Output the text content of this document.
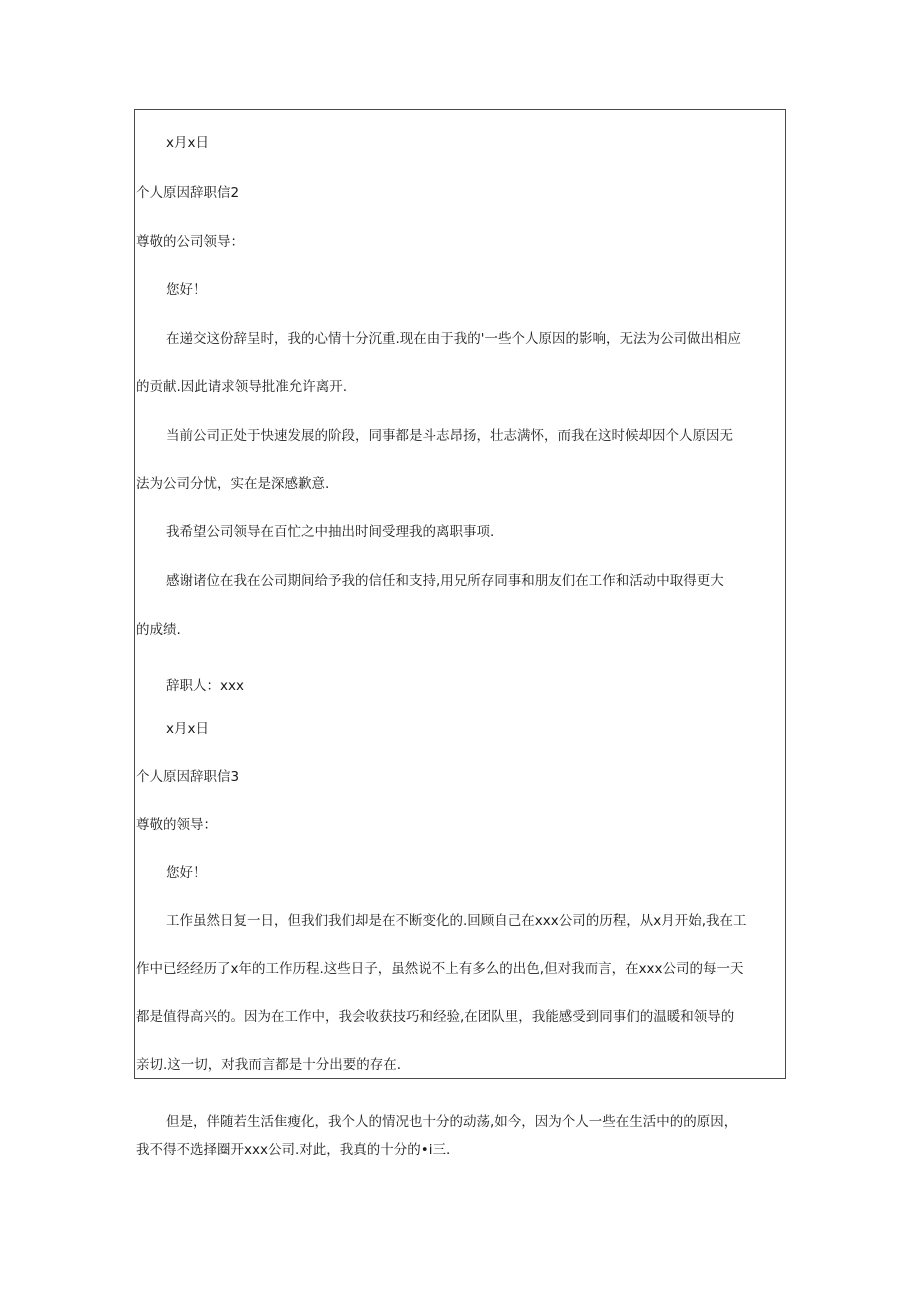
x月x日

个人原因辞职信2

尊敬的公司领导：

您好！

在递交这份辞呈时，我的心情十分沉重.现在由于我的'一些个人原因的影响，无法为公司做出相应

的贡献.因此请求领导批准允许离开.

当前公司正处于快速发展的阶段，同事都是斗志昂扬，壮志满怀，而我在这时候却因个人原因无

法为公司分忧，实在是深感歉意.

我希望公司领导在百忙之中抽出时间受理我的离职事项.

感谢诸位在我在公司期间给予我的信任和支持,用兄所存同事和朋友们在工作和活动中取得更大

的成绩.

辞职人：xxx

x月x日

个人原因辞职信3

尊敬的领导：

您好！

工作虽然日复一日，但我们我们却是在不断变化的.回顾自己在xxx公司的历程，从x月开始,我在工

作中已经经历了x年的工作历程.这些日子，虽然说不上有多么的出色,但对我而言，在xxx公司的每一天

都是值得高兴的。因为在工作中，我会收获技巧和经验,在团队里，我能感受到同事们的温暖和领导的

亲切.这一切，对我而言都是十分出要的存在.

但是，伴随若生活隹瘦化，我个人的情况也十分的动荡,如今，因为个人一些在生活中的的原因，

我不得不选择圈开xxx公司.对此，我真的十分的•i三.
